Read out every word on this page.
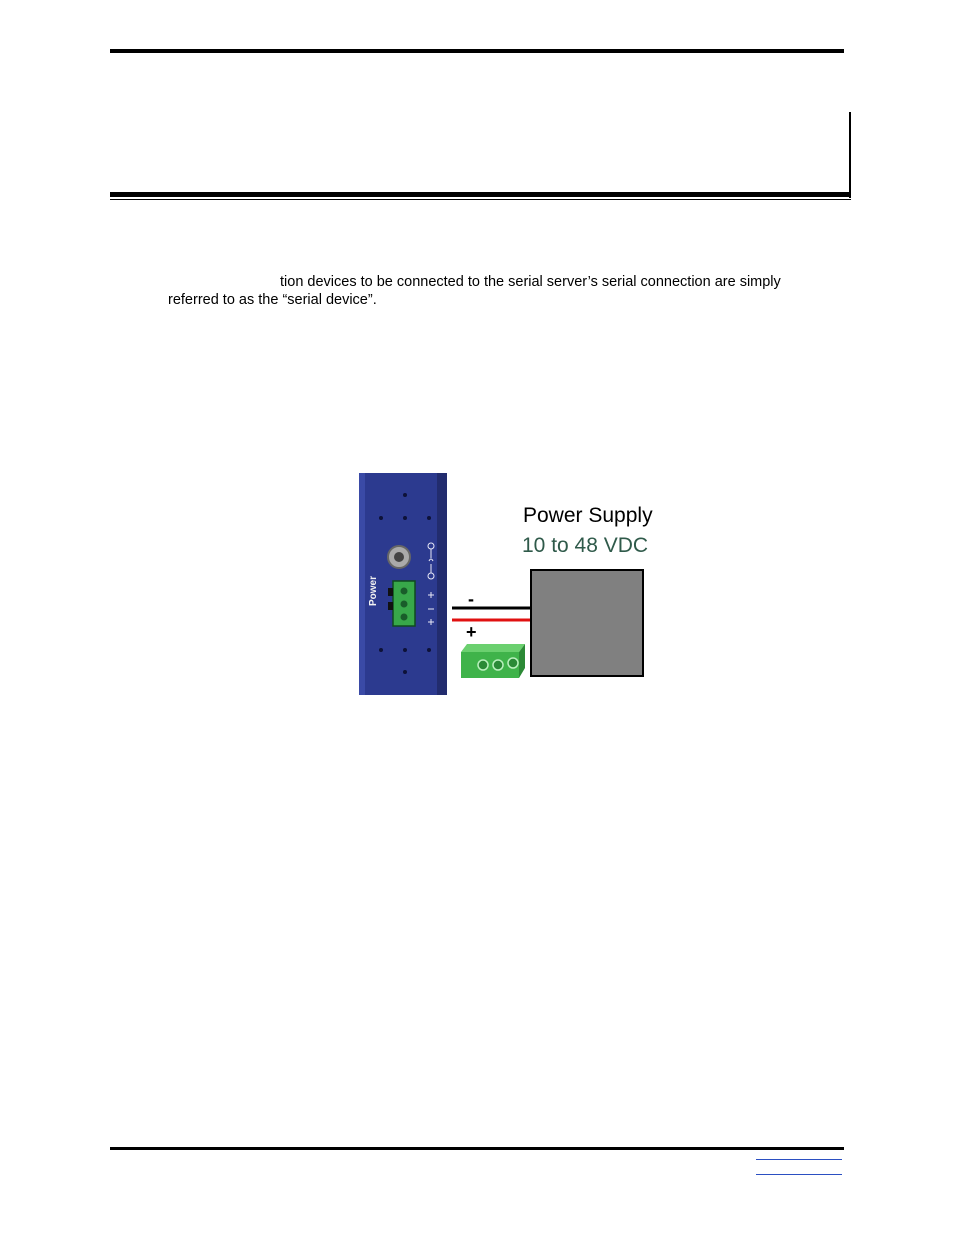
tion devices to be connected to the serial server’s serial connection are simply
referred to as the “serial device”.

Power	-
+
Power Supply
10 to 48 VDC
